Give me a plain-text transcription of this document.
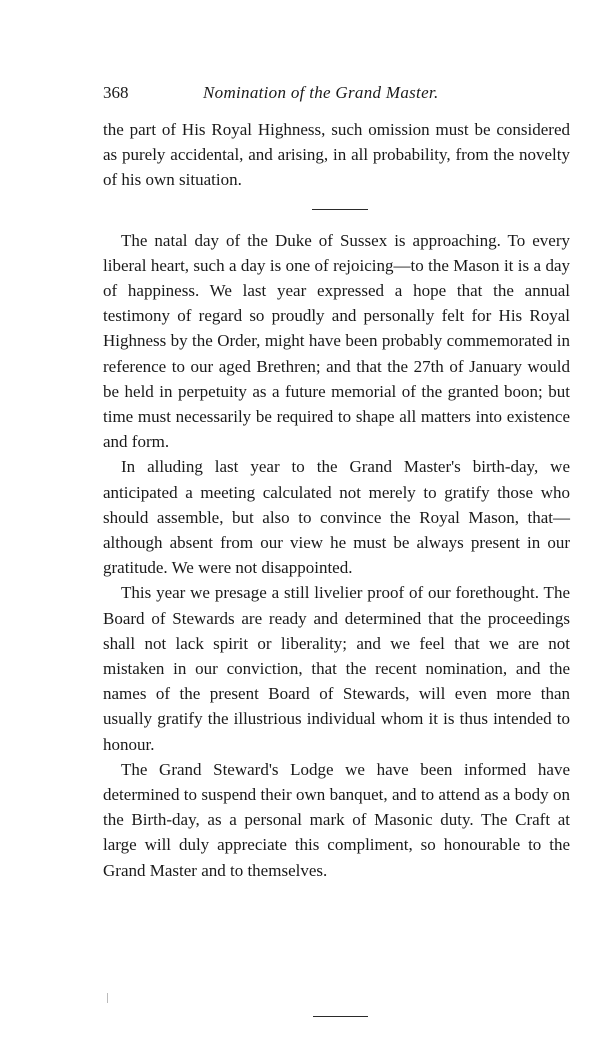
368	Nomination of the Grand Master.

the part of His Royal Highness, such omission must be considered as purely accidental, and arising, in all probability, from the novelty of his own situation.

The natal day of the Duke of Sussex is approaching. To every liberal heart, such a day is one of rejoicing—to the Mason it is a day of happiness. We last year expressed a hope that the annual testimony of regard so proudly and personally felt for His Royal Highness by the Order, might have been probably commemorated in reference to our aged Brethren; and that the 27th of January would be held in perpetuity as a future memorial of the granted boon; but time must necessarily be required to shape all matters into existence and form.

In alluding last year to the Grand Master's birth-day, we anticipated a meeting calculated not merely to gratify those who should assemble, but also to convince the Royal Mason, that—although absent from our view he must be always present in our gratitude. We were not disappointed.

This year we presage a still livelier proof of our forethought. The Board of Stewards are ready and determined that the proceedings shall not lack spirit or liberality; and we feel that we are not mistaken in our conviction, that the recent nomination, and the names of the present Board of Stewards, will even more than usually gratify the illustrious individual whom it is thus intended to honour.

The Grand Steward's Lodge we have been informed have determined to suspend their own banquet, and to attend as a body on the Birth-day, as a personal mark of Masonic duty. The Craft at large will duly appreciate this compliment, so honourable to the Grand Master and to themselves.
